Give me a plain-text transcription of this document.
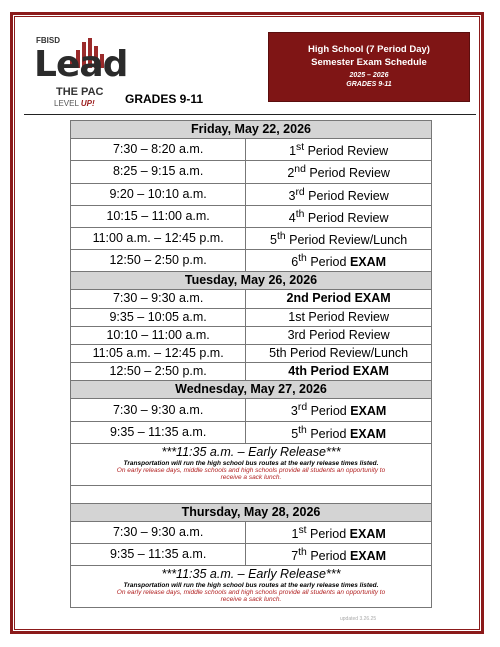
FBISD
Lead
THE PAC
LEVEL UP!	GRADES 9-11
High School (7 Period Day)
Semester Exam Schedule
2025 – 2026
GRADES 9-11
Friday, May 22, 2026	
7:30 – 8:20 a.m.	1st Period Review
8:25 – 9:15 a.m.	2nd Period Review
9:20 – 10:10 a.m.	3rd Period Review
10:15 – 11:00 a.m.	4th Period Review
11:00 a.m. – 12:45 p.m.	5th Period Review/Lunch
12:50 – 2:50 p.m.	6th Period EXAM
Tuesday, May 26, 2026	
7:30 – 9:30 a.m.	2nd Period EXAM
9:35 – 10:05 a.m.	1st Period Review
10:10 – 11:00 a.m.	3rd Period Review
11:05 a.m. – 12:45 p.m.	5th Period Review/Lunch
12:50 – 2:50 p.m.	4th Period EXAM
Wednesday, May 27, 2026	
7:30 – 9:30 a.m.	3rd Period EXAM
9:35 – 11:35 a.m.	5th Period EXAM

***11:35 a.m. – Early Release***
Transportation will run the high school bus routes at the early release times listed.
On early release days, middle schools and high schools provide all students an opportunity to
receive a sack lunch.	

Thursday, May 28, 2026	
7:30 – 9:30 a.m.	1st Period EXAM
9:35 – 11:35 a.m.	7th Period EXAM

***11:35 a.m. – Early Release***
Transportation will run the high school bus routes at the early release times listed.
On early release days, middle schools and high schools provide all students an opportunity to
receive a sack lunch.	
updated 3.26.25
